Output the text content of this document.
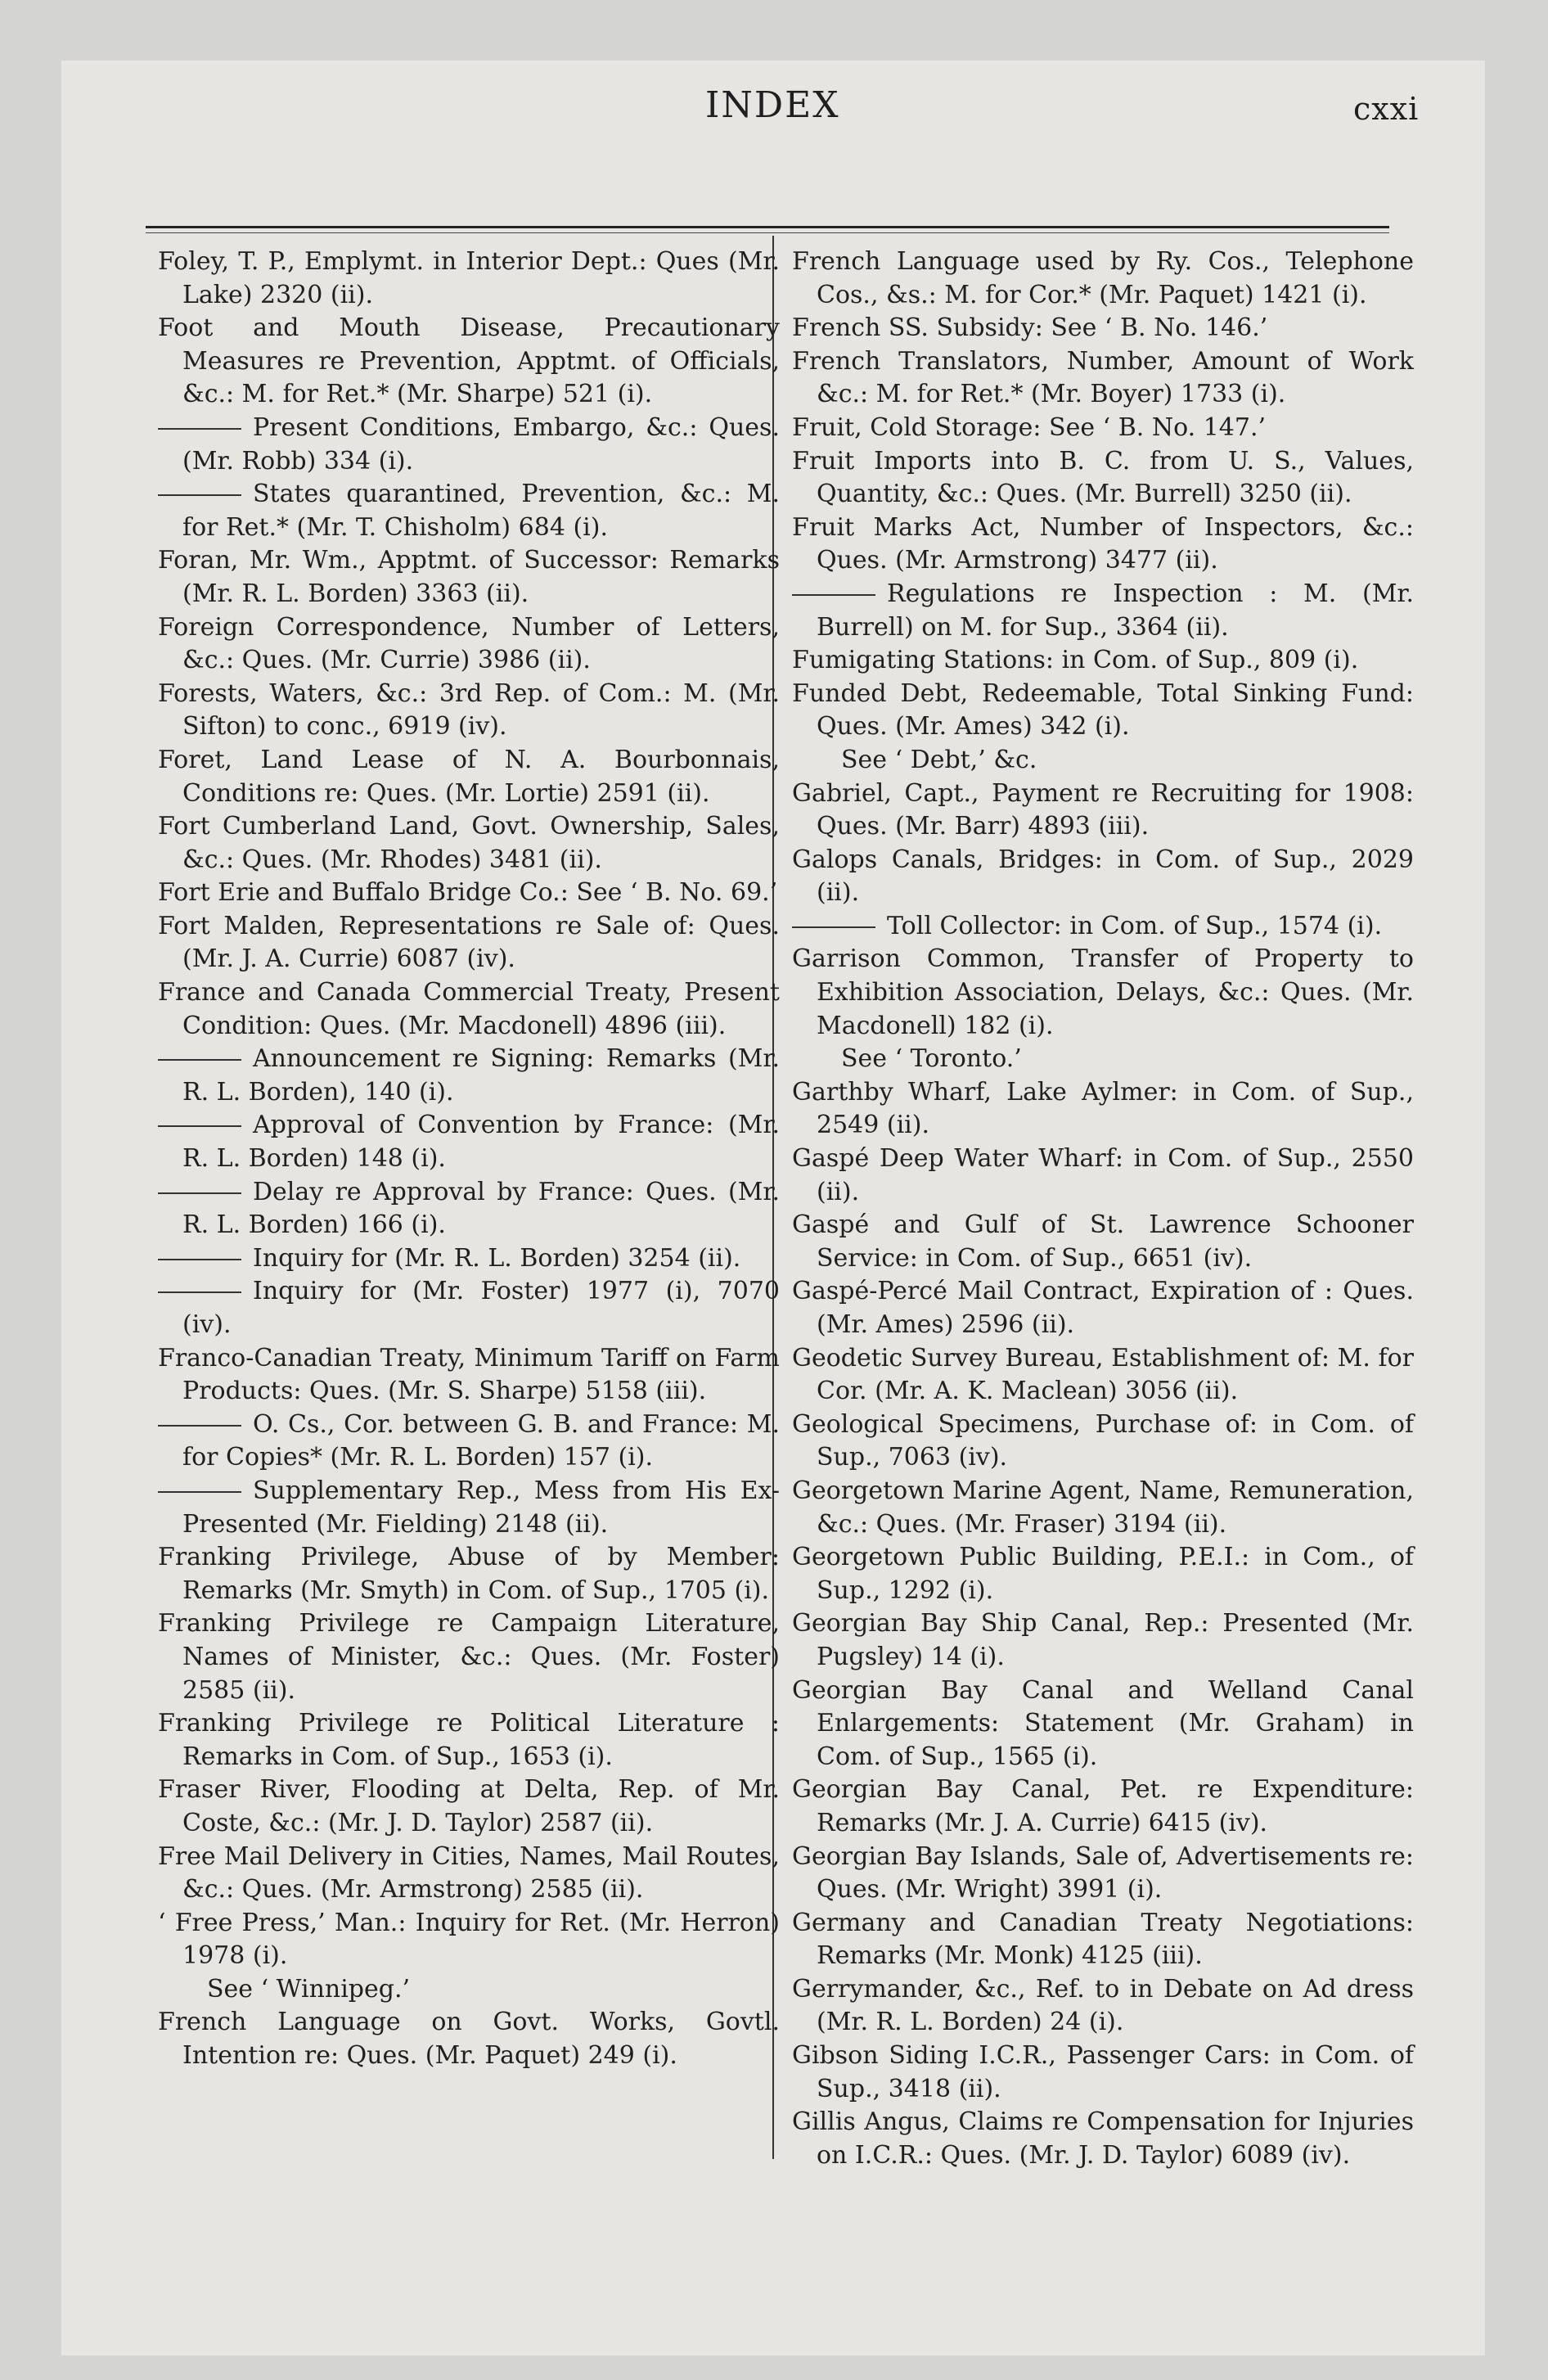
INDEX	cxxi
Foley, T. P., Emplymt. in Interior Dept.: Ques (Mr. Lake) 2320 (ii).
Foot and Mouth Disease, Precautionary Measures re Prevention, Apptmt. of Officials, &c.: M. for Ret.* (Mr. Sharpe) 521 (i).
Present Conditions, Embargo, &c.: Ques. (Mr. Robb) 334 (i).
States quarantined, Prevention, &c.: M. for Ret.* (Mr. T. Chisholm) 684 (i).
Foran, Mr. Wm., Apptmt. of Successor: Remarks (Mr. R. L. Borden) 3363 (ii).
Foreign Correspondence, Number of Letters, &c.: Ques. (Mr. Currie) 3986 (ii).
Forests, Waters, &c.: 3rd Rep. of Com.: M. (Mr. Sifton) to conc., 6919 (iv).
Foret, Land Lease of N. A. Bourbonnais, Conditions re: Ques. (Mr. Lortie) 2591 (ii).
Fort Cumberland Land, Govt. Ownership, Sales, &c.: Ques. (Mr. Rhodes) 3481 (ii).
Fort Erie and Buffalo Bridge Co.: See ‘ B. No. 69.’
Fort Malden, Representations re Sale of: Ques. (Mr. J. A. Currie) 6087 (iv).
France and Canada Commercial Treaty, Present Condition: Ques. (Mr. Macdonell) 4896 (iii).
Announcement re Signing: Remarks (Mr. R. L. Borden), 140 (i).
Approval of Convention by France: (Mr. R. L. Borden) 148 (i).
Delay re Approval by France: Ques. (Mr. R. L. Borden) 166 (i).
Inquiry for (Mr. R. L. Borden) 3254 (ii).
Inquiry for (Mr. Foster) 1977 (i), 7070 (iv).
Franco-Canadian Treaty, Minimum Tariff on Farm Products: Ques. (Mr. S. Sharpe) 5158 (iii).
O. Cs., Cor. between G. B. and France: M. for Copies* (Mr. R. L. Borden) 157 (i).
Supplementary Rep., Mess from His Ex- Presented (Mr. Fielding) 2148 (ii).
Franking Privilege, Abuse of by Member: Remarks (Mr. Smyth) in Com. of Sup., 1705 (i).
Franking Privilege re Campaign Literature, Names of Minister, &c.: Ques. (Mr. Foster) 2585 (ii).
Franking Privilege re Political Literature : Remarks in Com. of Sup., 1653 (i).
Fraser River, Flooding at Delta, Rep. of Mr. Coste, &c.: (Mr. J. D. Taylor) 2587 (ii).
Free Mail Delivery in Cities, Names, Mail Routes, &c.: Ques. (Mr. Armstrong) 2585 (ii).
‘ Free Press,’ Man.: Inquiry for Ret. (Mr. Herron) 1978 (i).
See ‘ Winnipeg.’
French Language on Govt. Works, Govtl. Intention re: Ques. (Mr. Paquet) 249 (i).
French Language used by Ry. Cos., Telephone Cos., &s.: M. for Cor.* (Mr. Paquet) 1421 (i).
French SS. Subsidy: See ‘ B. No. 146.’
French Translators, Number, Amount of Work &c.: M. for Ret.* (Mr. Boyer) 1733 (i).
Fruit, Cold Storage: See ‘ B. No. 147.’
Fruit Imports into B. C. from U. S., Values, Quantity, &c.: Ques. (Mr. Burrell) 3250 (ii).
Fruit Marks Act, Number of Inspectors, &c.: Ques. (Mr. Armstrong) 3477 (ii).
Regulations re Inspection : M. (Mr. Burrell) on M. for Sup., 3364 (ii).
Fumigating Stations: in Com. of Sup., 809 (i).
Funded Debt, Redeemable, Total Sinking Fund: Ques. (Mr. Ames) 342 (i).
See ‘ Debt,’ &c.
Gabriel, Capt., Payment re Recruiting for 1908: Ques. (Mr. Barr) 4893 (iii).
Galops Canals, Bridges: in Com. of Sup., 2029 (ii).
Toll Collector: in Com. of Sup., 1574 (i).
Garrison Common, Transfer of Property to Exhibition Association, Delays, &c.: Ques. (Mr. Macdonell) 182 (i).
See ‘ Toronto.’
Garthby Wharf, Lake Aylmer: in Com. of Sup., 2549 (ii).
Gaspé Deep Water Wharf: in Com. of Sup., 2550 (ii).
Gaspé and Gulf of St. Lawrence Schooner Service: in Com. of Sup., 6651 (iv).
Gaspé-Percé Mail Contract, Expiration of : Ques. (Mr. Ames) 2596 (ii).
Geodetic Survey Bureau, Establishment of: M. for Cor. (Mr. A. K. Maclean) 3056 (ii).
Geological Specimens, Purchase of: in Com. of Sup., 7063 (iv).
Georgetown Marine Agent, Name, Remuneration, &c.: Ques. (Mr. Fraser) 3194 (ii).
Georgetown Public Building, P.E.I.: in Com., of Sup., 1292 (i).
Georgian Bay Ship Canal, Rep.: Presented (Mr. Pugsley) 14 (i).
Georgian Bay Canal and Welland Canal Enlargements: Statement (Mr. Graham) in Com. of Sup., 1565 (i).
Georgian Bay Canal, Pet. re Expenditure: Remarks (Mr. J. A. Currie) 6415 (iv).
Georgian Bay Islands, Sale of, Advertisements re: Ques. (Mr. Wright) 3991 (i).
Germany and Canadian Treaty Negotiations: Remarks (Mr. Monk) 4125 (iii).
Gerrymander, &c., Ref. to in Debate on Ad dress (Mr. R. L. Borden) 24 (i).
Gibson Siding I.C.R., Passenger Cars: in Com. of Sup., 3418 (ii).
Gillis Angus, Claims re Compensation for Injuries on I.C.R.: Ques. (Mr. J. D. Taylor) 6089 (iv).
